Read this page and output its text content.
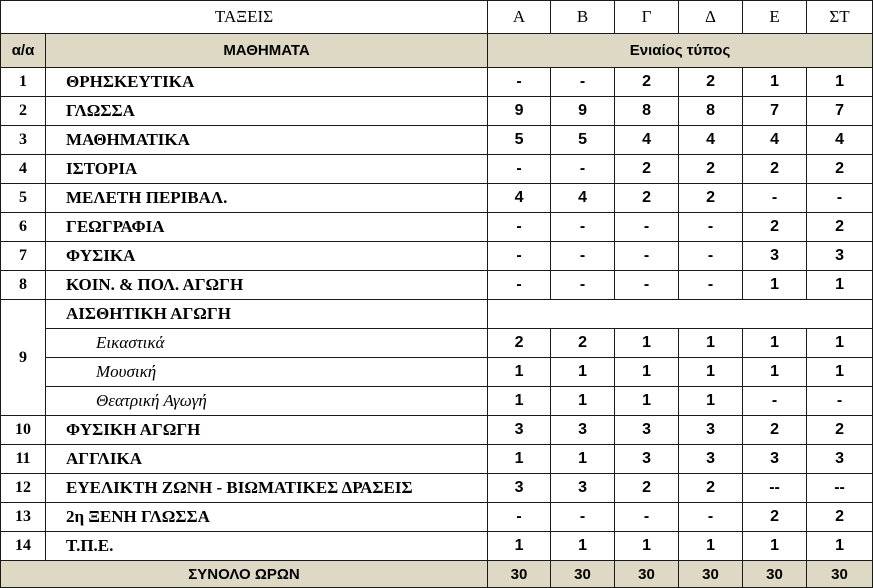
ΤΑΞΕΙΣ		Α	Β	Γ	Δ	Ε	ΣΤ
α/α	ΜΑΘΗΜΑΤΑ	Ενιαίος τύπος					
1	ΘΡΗΣΚΕΥΤΙΚΑ	-	-	2	2	1	1
2	ΓΛΩΣΣΑ	9	9	8	8	7	7
3	ΜΑΘΗΜΑΤΙΚΑ	5	5	4	4	4	4
4	ΙΣΤΟΡΙΑ	-	-	2	2	2	2
5	ΜΕΛΕΤΗ ΠΕΡΙΒΑΛ.	4	4	2	2	-	-
6	ΓΕΩΓΡΑΦΙΑ	-	-	-	-	2	2
7	ΦΥΣΙΚΑ	-	-	-	-	3	3
8	ΚΟΙΝ. & ΠΟΛ. ΑΓΩΓΗ	-	-	-	-	1	1
9	ΑΙΣΘΗΤΙΚΗ ΑΓΩΓΗ						
	Εικαστικά	2	2	1	1	1	1
	Μουσική	1	1	1	1	1	1
	Θεατρική Αγωγή	1	1	1	1	-	-
10	ΦΥΣΙΚΗ ΑΓΩΓΗ	3	3	3	3	2	2
11	ΑΓΓΛΙΚΑ	1	1	3	3	3	3
12	ΕΥΕΛΙΚΤΗ ΖΩΝΗ - ΒΙΩΜΑΤΙΚΕΣ ΔΡΑΣΕΙΣ	3	3	2	2	--	--
13	2η ΞΕΝΗ ΓΛΩΣΣΑ	-	-	-	-	2	2
14	Τ.Π.Ε.	1	1	1	1	1	1
ΣΥΝΟΛΟ ΩΡΩΝ		30	30	30	30	30	30
